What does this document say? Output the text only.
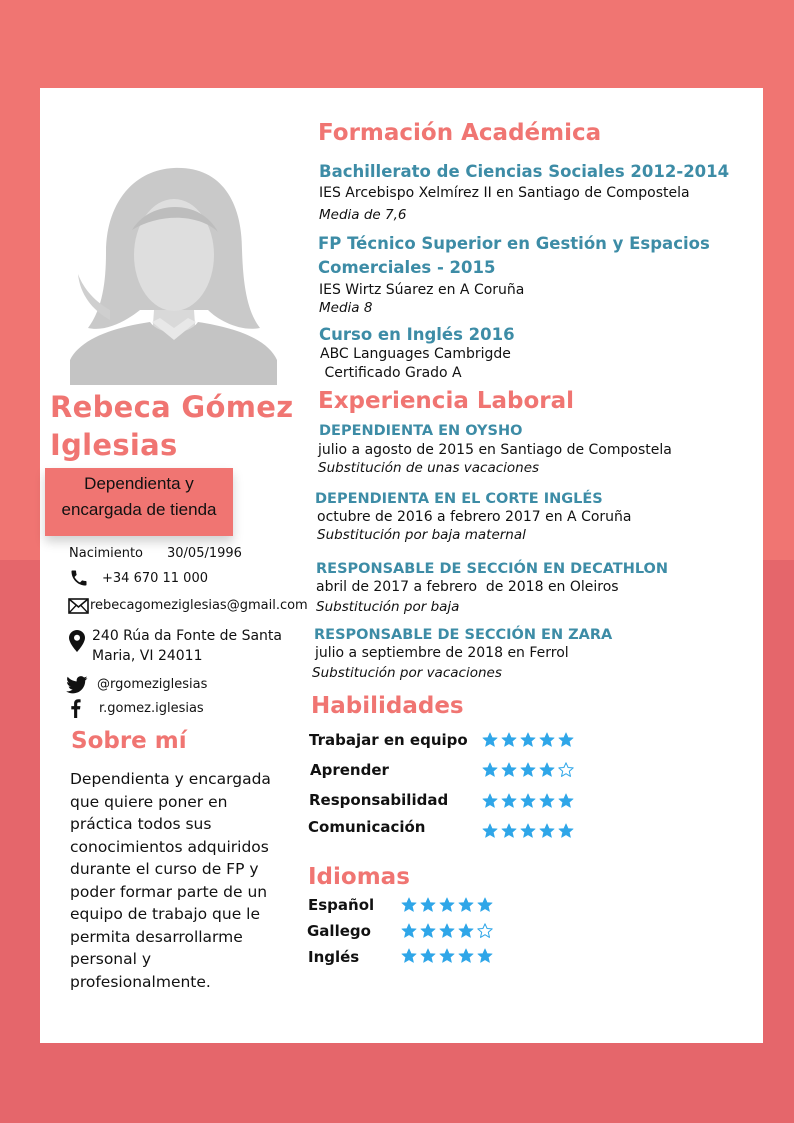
Rebeca Gómez
Iglesias
Dependienta y
encargada de tienda
Nacimiento 30/05/1996
+34 670 11 000
rebecagomeziglesias@gmail.com
240 Rúa da Fonte de Santa
Maria, VI 24011
@rgomeziglesias
r.gomez.iglesias
Sobre mí
Dependienta y encargada que quiere poner en práctica todos sus conocimientos adquiridos durante el curso de FP y poder formar parte de un equipo de trabajo que le permita desarrollarme personal y profesionalmente.
Formación Académica
Bachillerato de Ciencias Sociales 2012-2014
IES Arcebispo Xelmírez II en Santiago de Compostela
Media de 7,6
FP Técnico Superior en Gestión y Espacios
Comerciales - 2015
IES Wirtz Súarez en A Coruña
Media 8
Curso en Inglés 2016
ABC Languages Cambrigde
Certificado Grado A
Experiencia Laboral
DEPENDIENTA EN OYSHO
julio a agosto de 2015 en Santiago de Compostela
Substitución de unas vacaciones
DEPENDIENTA EN EL CORTE INGLÉS
octubre de 2016 a febrero 2017 en A Coruña
Substitución por baja maternal
RESPONSABLE DE SECCIÓN EN DECATHLON
abril de 2017 a febrero  de 2018 en Oleiros
Substitución por baja
RESPONSABLE DE SECCIÓN EN ZARA
julio a septiembre de 2018 en Ferrol
Substitución por vacaciones
Habilidades
Trabajar en equipo
Aprender
Responsabilidad
Comunicación
Idiomas
Español
Gallego
Inglés
